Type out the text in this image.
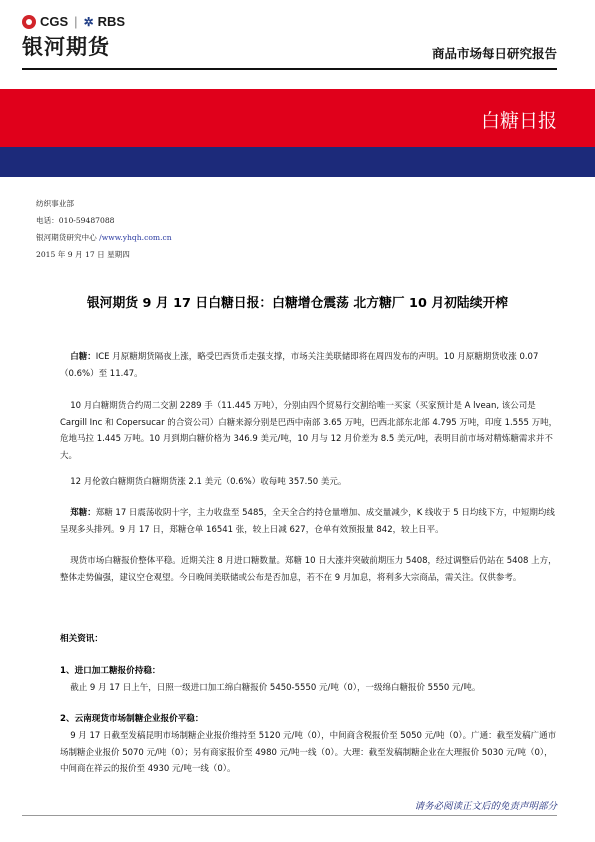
CGS | ✲ RBS
银河期货	商品市场每日研究报告
白糖日报
纺织事业部
电话：010-59487088
银河期货研究中心 /www.yhqh.com.cn
2015 年 9 月 17 日 星期四
银河期货 9 月 17 日白糖日报：白糖增仓震荡 北方糖厂 10 月初陆续开榨
白糖：ICE 月原糖期货隔夜上涨，略受巴西货币走强支撑，市场关注美联储即将在周四发布的声明。10 月原糖期货收涨 0.07（0.6%）至 11.47。
10 月白糖期货合约周二交割 2289 手（11.445 万吨），分别由四个贸易行交割给唯一买家（买家预计是 A lvean, 该公司是 Cargill Inc 和 Copersucar 的合资公司）白糖来源分别是巴西中南部 3.65 万吨，巴西北部东北部 4.795 万吨，印度 1.555 万吨，危地马拉 1.445 万吨。10 月到期白糖价格为 346.9 美元/吨，10 月与 12 月价差为 8.5 美元/吨，表明目前市场对精炼糖需求并不大。
12 月伦敦白糖期货白糖期货涨 2.1 美元（0.6%）收每吨 357.50 美元。
郑糖：郑糖 17 日震荡收阴十字，主力收盘至 5485，全天全合约持仓量增加、成交量减少，K 线收于 5 日均线下方，中短期均线呈现多头排列。9 月 17 日，郑糖仓单 16541 张，较上日减 627，仓单有效预报量 842，较上日平。
现货市场白糖报价整体平稳。近期关注 8 月进口糖数量。郑糖 10 日大涨并突破前期压力 5408，经过调整后仍站在 5408 上方，整体走势偏强，建议空仓观望。今日晚间美联储或公布是否加息，若不在 9 月加息，将利多大宗商品，需关注。仅供参考。
相关资讯：
1、进口加工糖报价持稳：
截止 9 月 17 日上午，日照一级进口加工绵白糖报价 5450-5550 元/吨（0），一级绵白糖报价 5550 元/吨。
2、云南现货市场制糖企业报价平稳：
9 月 17 日截至发稿昆明市场制糖企业报价维持至 5120 元/吨（0），中间商含税报价至 5050 元/吨（0）。广通：截至发稿广通市场制糖企业报价 5070 元/吨（0）；另有商家报价至 4980 元/吨一线（0）。大理：截至发稿制糖企业在大理报价 5030 元/吨（0），中间商在祥云的报价至 4930 元/吨一线（0）。
请务必阅读正文后的免责声明部分
